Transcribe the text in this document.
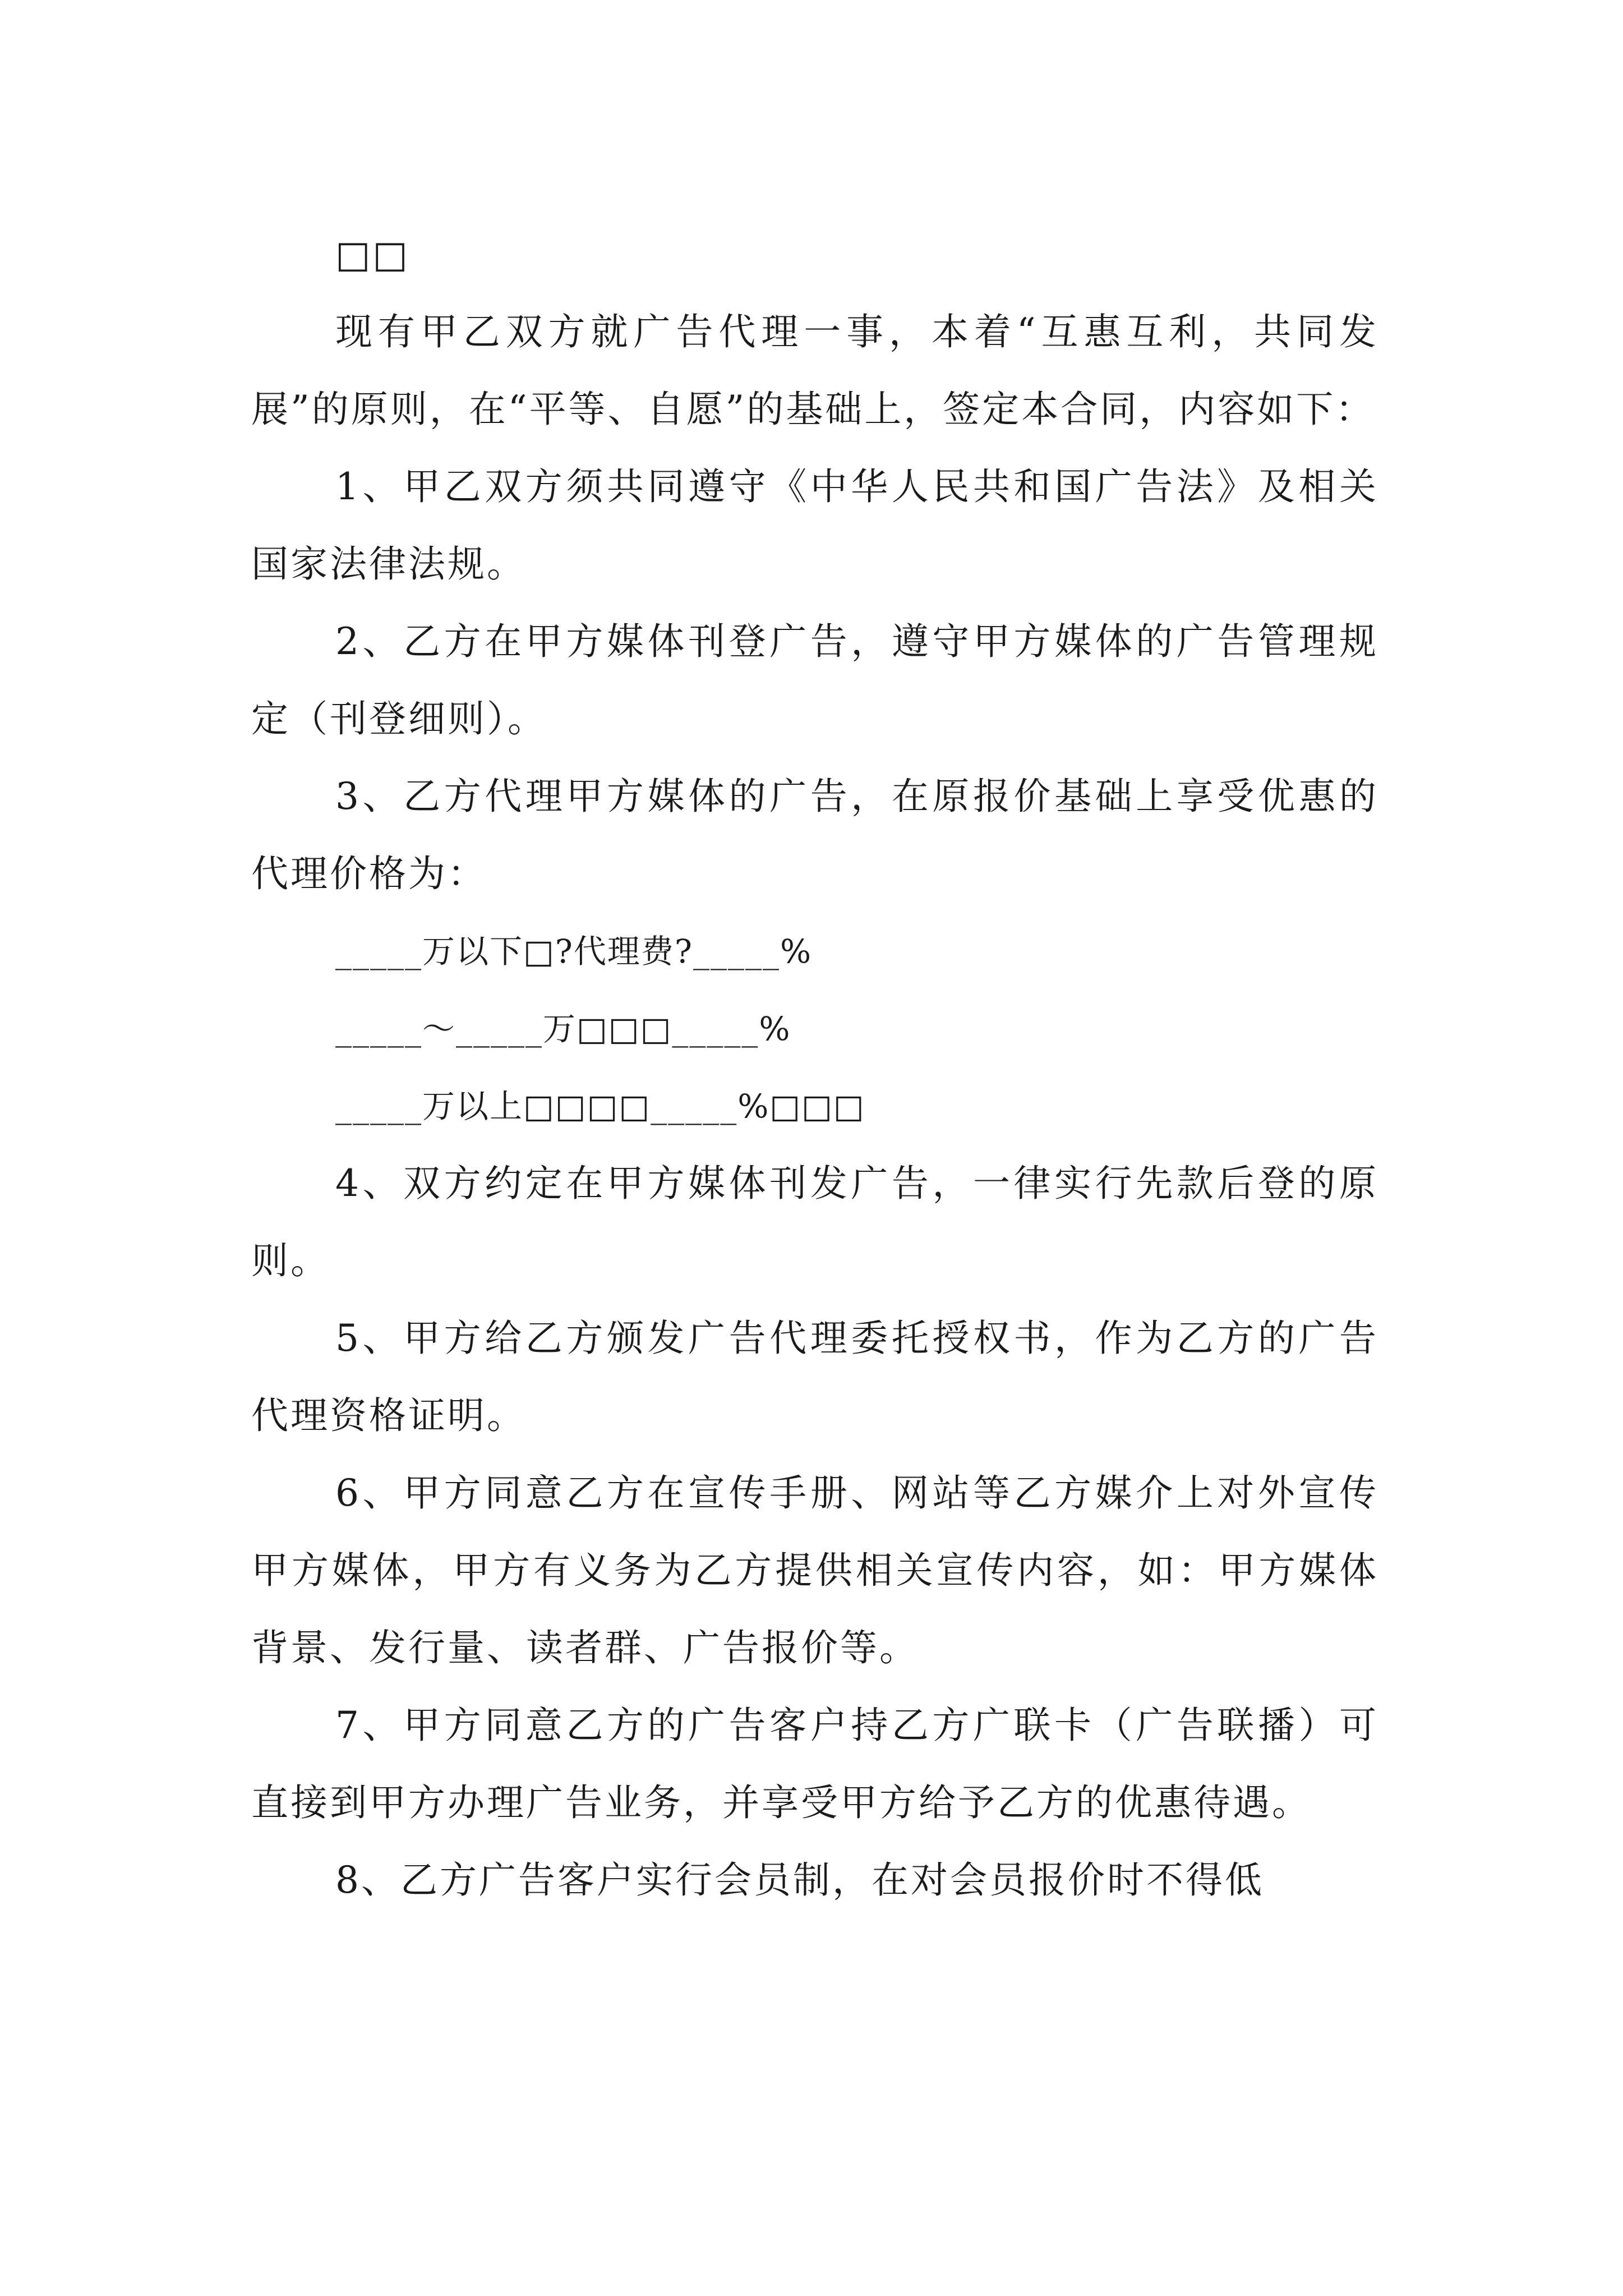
□□

现有甲乙双方就广告代理一事，本着“互惠互利，共同发展”的原则，在“平等、自愿”的基础上，签定本合同，内容如下：

1、甲乙双方须共同遵守《中华人民共和国广告法》及相关国家法律法规。

2、乙方在甲方媒体刊登广告，遵守甲方媒体的广告管理规定（刊登细则）。

3、乙方代理甲方媒体的广告，在原报价基础上享受优惠的代理价格为：

_____万以下□?代理费?_____%

_____～_____万□□□_____%

_____万以上□□□□_____%□□□

4、双方约定在甲方媒体刊发广告，一律实行先款后登的原则。

5、甲方给乙方颁发广告代理委托授权书，作为乙方的广告代理资格证明。

6、甲方同意乙方在宣传手册、网站等乙方媒介上对外宣传甲方媒体，甲方有义务为乙方提供相关宣传内容，如：甲方媒体背景、发行量、读者群、广告报价等。

7、甲方同意乙方的广告客户持乙方广联卡（广告联播）可直接到甲方办理广告业务，并享受甲方给予乙方的优惠待遇。

8、乙方广告客户实行会员制，在对会员报价时不得低
